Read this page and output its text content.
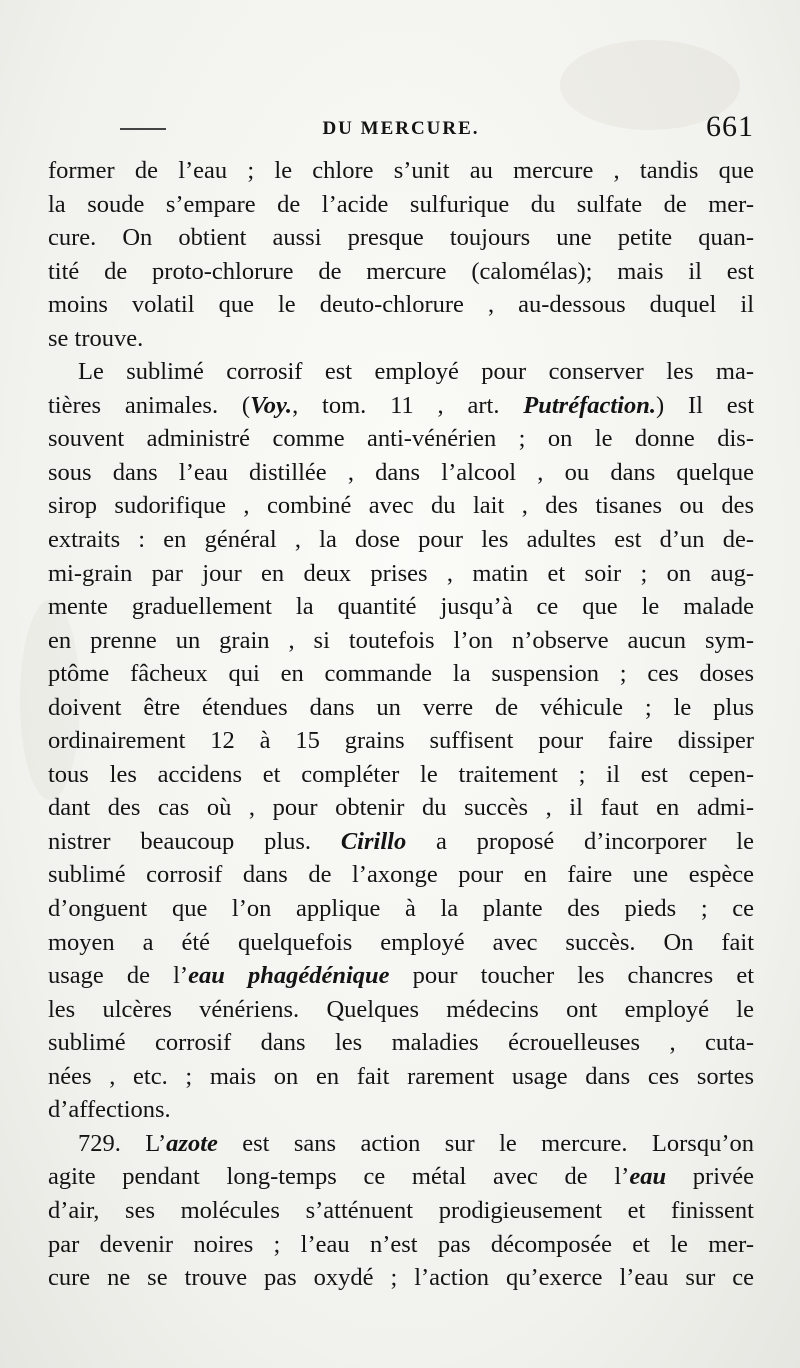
DU MERCURE.	661
former de l’eau ; le chlore s’unit au mercure , tandis que
la soude s’empare de l’acide sulfurique du sulfate de mer-
cure. On obtient aussi presque toujours une petite quan-
tité de proto-chlorure de mercure (calomélas); mais il est
moins volatil que le deuto-chlorure , au-dessous duquel il
se trouve.
Le sublimé corrosif est employé pour conserver les ma-
tières animales. (Voy., tom. 11 , art. Putréfaction.) Il est
souvent administré comme anti-vénérien ; on le donne dis-
sous dans l’eau distillée , dans l’alcool , ou dans quelque
sirop sudorifique , combiné avec du lait , des tisanes ou des
extraits : en général , la dose pour les adultes est d’un de-
mi-grain par jour en deux prises , matin et soir ; on aug-
mente graduellement la quantité jusqu’à ce que le malade
en prenne un grain , si toutefois l’on n’observe aucun sym-
ptôme fâcheux qui en commande la suspension ; ces doses
doivent être étendues dans un verre de véhicule ; le plus
ordinairement 12 à 15 grains suffisent pour faire dissiper
tous les accidens et compléter le traitement ; il est cepen-
dant des cas où , pour obtenir du succès , il faut en admi-
nistrer beaucoup plus. Cirillo a proposé d’incorporer le
sublimé corrosif dans de l’axonge pour en faire une espèce
d’onguent que l’on applique à la plante des pieds ; ce
moyen a été quelquefois employé avec succès. On fait
usage de l’eau phagédénique pour toucher les chancres et
les ulcères vénériens. Quelques médecins ont employé le
sublimé corrosif dans les maladies écrouelleuses , cuta-
nées , etc. ; mais on en fait rarement usage dans ces sortes
d’affections.
729. L’azote est sans action sur le mercure. Lorsqu’on
agite pendant long-temps ce métal avec de l’eau privée
d’air, ses molécules s’atténuent prodigieusement et finissent
par devenir noires ; l’eau n’est pas décomposée et le mer-
cure ne se trouve pas oxydé ; l’action qu’exerce l’eau sur ce
